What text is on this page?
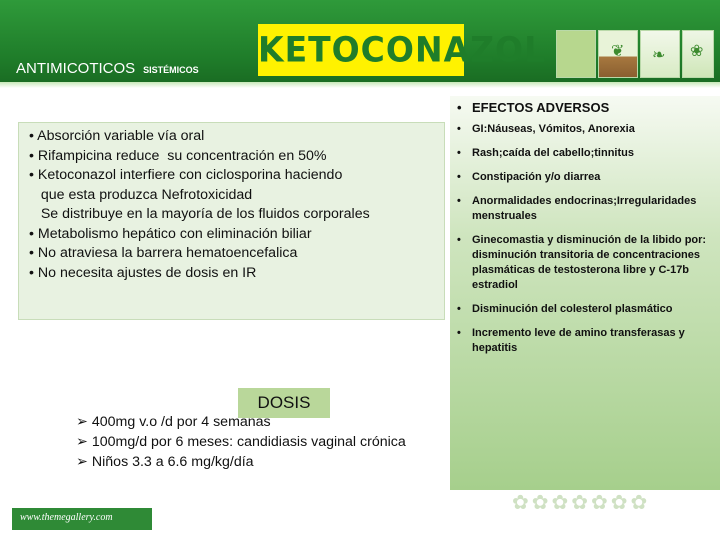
ANTIMICOTICOS SISTÉMICOS
KETOCONAZOL	❦ ❧ ❀
• Absorción variable vía oral
• Rifampicina reduce  su concentración en 50%
• Ketoconazol interfiere con ciclosporina haciendo
que esta produzca Nefrotoxicidad
Se distribuye en la mayoría de los fluidos corporales
• Metabolismo hepático con eliminación biliar
• No atraviesa la barrera hematoencefalica
• No necesita ajustes de dosis en IR
• EFECTOS ADVERSOS
• GI:Náuseas, Vómitos, Anorexia
• Rash;caída del cabello;tinnitus
• Constipación y/o diarrea
• Anormalidades endocrinas;Irregularidades menstruales
• Ginecomastia y disminución de la libido por: disminución transitoria de concentraciones plasmáticas de testosterona libre y C-17b estradiol
• Disminución del colesterol plasmático
• Incremento leve de amino transferasas y hepatitis
DOSIS
➢ 400mg v.o /d por 4 semanas
➢ 100mg/d por 6 meses: candidiasis vaginal crónica
➢ Niños 3.3 a 6.6 mg/kg/día
www.themegallery.com
✿✿✿✿✿✿✿
